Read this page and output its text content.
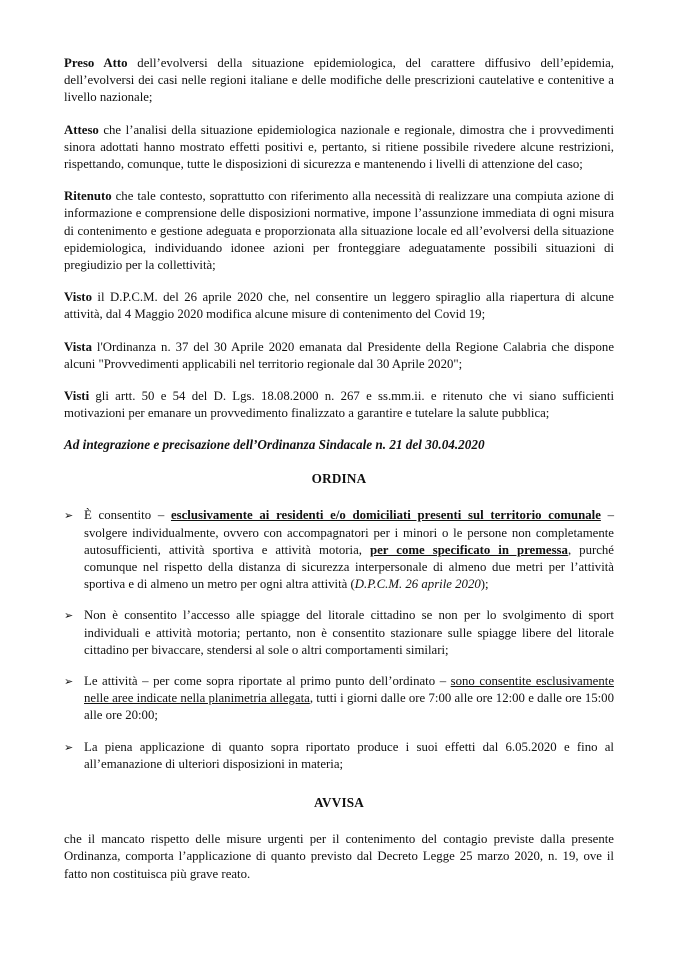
Preso Atto dell’evolversi della situazione epidemiologica, del carattere diffusivo dell’epidemia, dell’evolversi dei casi nelle regioni italiane e delle modifiche delle prescrizioni cautelative e contenitive a livello nazionale;

Atteso che l’analisi della situazione epidemiologica nazionale e regionale, dimostra che i provvedimenti sinora adottati hanno mostrato effetti positivi e, pertanto, si ritiene possibile rivedere alcune restrizioni, rispettando, comunque, tutte le disposizioni di sicurezza e mantenendo i livelli di attenzione del caso;

Ritenuto che tale contesto, soprattutto con riferimento alla necessità di realizzare una compiuta azione di informazione e comprensione delle disposizioni normative, impone l’assunzione immediata di ogni misura di contenimento e gestione adeguata e proporzionata alla situazione locale ed all’evolversi della situazione epidemiologica, individuando idonee azioni per fronteggiare adeguatamente possibili situazioni di pregiudizio per la collettività;

Visto il D.P.C.M. del 26 aprile 2020 che, nel consentire un leggero spiraglio alla riapertura di alcune attività, dal 4 Maggio 2020 modifica alcune misure di contenimento del Covid 19;

Vista l'Ordinanza n. 37 del 30 Aprile 2020 emanata dal Presidente della Regione Calabria che dispone alcuni "Provvedimenti applicabili nel territorio regionale dal 30 Aprile 2020";

Visti gli artt. 50 e 54 del D. Lgs. 18.08.2000 n. 267 e ss.mm.ii. e ritenuto che vi siano sufficienti motivazioni per emanare un provvedimento finalizzato a garantire e tutelare la salute pubblica;

Ad integrazione e precisazione dell’Ordinanza Sindacale n. 21 del 30.04.2020
ORDINA
➢ È consentito – esclusivamente ai residenti e/o domiciliati presenti sul territorio comunale – svolgere individualmente, ovvero con accompagnatori per i minori o le persone non completamente autosufficienti, attività sportiva e attività motoria, per come specificato in premessa, purché comunque nel rispetto della distanza di sicurezza interpersonale di almeno due metri per l’attività sportiva e di almeno un metro per ogni altra attività (D.P.C.M. 26 aprile 2020);
➢ Non è consentito l’accesso alle spiagge del litorale cittadino se non per lo svolgimento di sport individuali e attività motoria; pertanto, non è consentito stazionare sulle spiagge libere del litorale cittadino per bivaccare, stendersi al sole o altri comportamenti similari;
➢ Le attività – per come sopra riportate al primo punto dell’ordinato – sono consentite esclusivamente nelle aree indicate nella planimetria allegata, tutti i giorni dalle ore 7:00 alle ore 12:00 e dalle ore 15:00 alle ore 20:00;
➢ La piena applicazione di quanto sopra riportato produce i suoi effetti dal 6.05.2020 e fino al all’emanazione di ulteriori disposizioni in materia;
AVVISA

che il mancato rispetto delle misure urgenti per il contenimento del contagio previste dalla presente Ordinanza, comporta l’applicazione di quanto previsto dal Decreto Legge 25 marzo 2020, n. 19, ove il fatto non costituisca più grave reato.
